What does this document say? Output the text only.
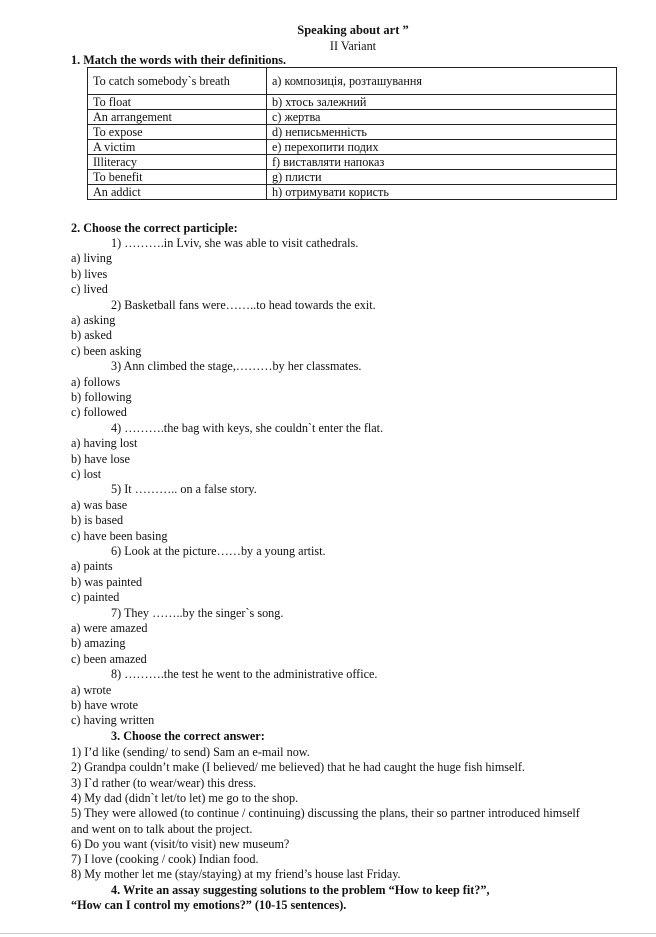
Speaking about art ”
II Variant
1. Match the words with their definitions.
To catch somebody`s breath	a) композиція, розташування
To float	b) хтось залежний
An arrangement	c) жертва
To expose	d) неписьменність
A victim	e) перехопити подих
Illiteracy	f) виставляти напоказ
To benefit	g) плисти
An addict	h) отримувати користь
2. Choose the correct participle:
1) ……….in Lviv, she was able to visit cathedrals.
a) living
b) lives
c) lived
2) Basketball fans were……..to head towards the exit.
a) asking
b) asked
c) been asking
3) Ann climbed the stage,………by her classmates.
a) follows
b) following
c) followed
4) ……….the bag with keys, she couldn`t enter the flat.
a) having lost
b) have lose
c) lost
5) It ……….. on a false story.
a) was base
b) is based
c) have been basing
6) Look at the picture……by a young artist.
a) paints
b) was painted
c) painted
7) They ……..by the singer`s song.
a) were amazed
b) amazing
c) been amazed
8) ……….the test he went to the administrative office.
a) wrote
b) have wrote
c) having written
3. Choose the correct answer:
1) I’d like (sending/ to send) Sam an e-mail now.
2) Grandpa couldn’t make (I believed/ me believed) that he had caught the huge fish himself.
3) I`d rather (to wear/wear) this dress.
4) My dad (didn`t let/to let) me go to the shop.
5) They were allowed (to continue / continuing) discussing the plans, their so partner introduced himself
and went on to talk about the project.
6) Do you want (visit/to visit) new museum?
7) I love (cooking / cook) Indian food.
8) My mother let me (stay/staying) at my friend’s house last Friday.
4. Write an assay suggesting solutions to the problem “How to keep fit?”,
“How can I control my emotions?” (10-15 sentences).
